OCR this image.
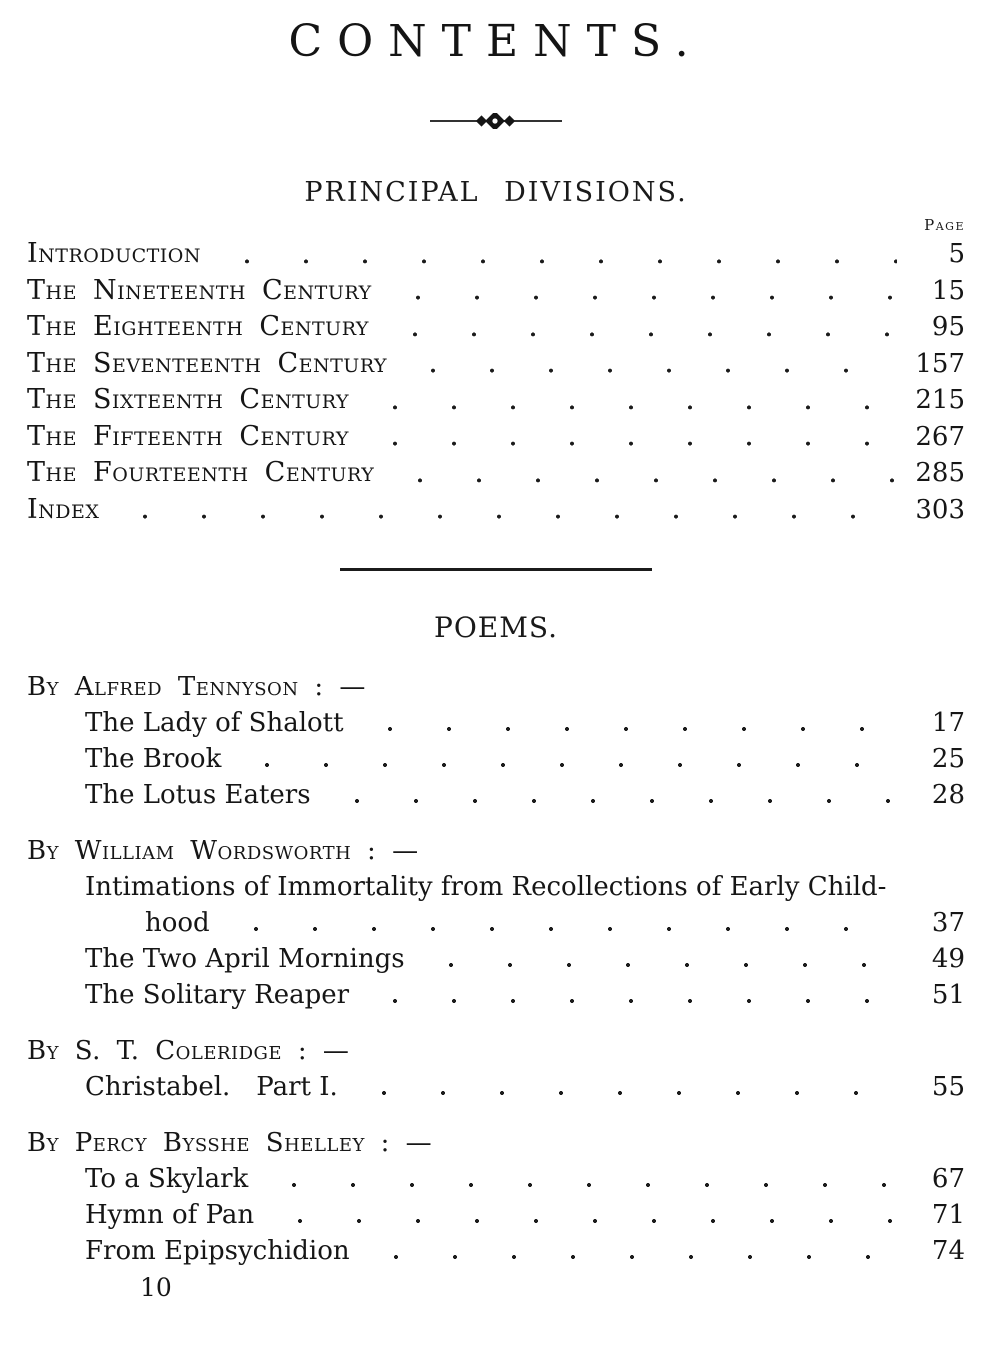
CONTENTS.
PRINCIPAL DIVISIONS.
Page
Introduction	5
The Nineteenth Century	15
The Eighteenth Century	95
The Seventeenth Century	157
The Sixteenth Century	215
The Fifteenth Century	267
The Fourteenth Century	285
Index	303
POEMS.
By Alfred Tennyson : —
The Lady of Shalott	17
The Brook	25
The Lotus Eaters	28
By William Wordsworth : —
Intimations of Immortality from Recollections of Early Child-
hood	37
The Two April Mornings	49
The Solitary Reaper	51
By S. T. Coleridge : —
Christabel. Part I.	55
By Percy Bysshe Shelley : —
To a Skylark	67
Hymn of Pan	71
From Epipsychidion	74
10
